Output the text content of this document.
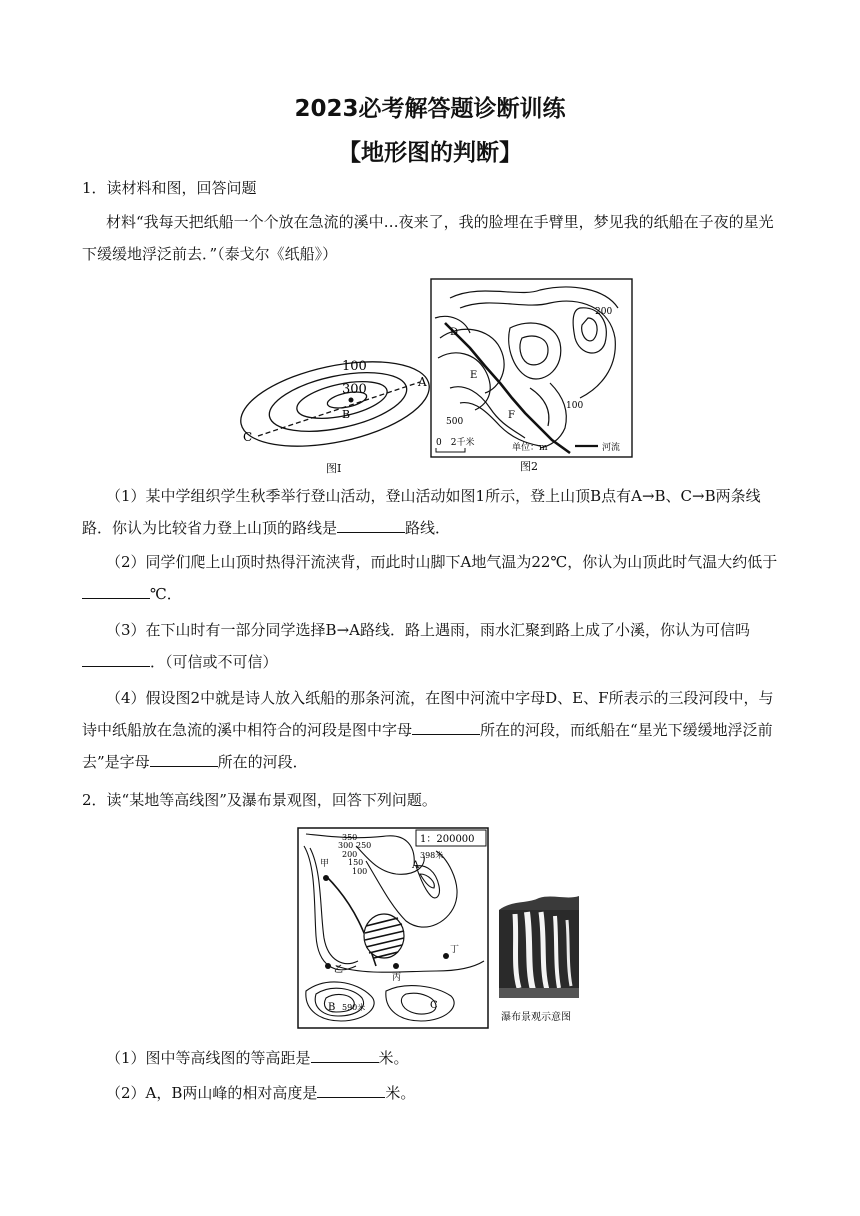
2023必考解答题诊断训练
【地形图的判断】

1．读材料和图，回答问题

材料“我每天把纸船一个个放在急流的溪中…夜来了，我的脸埋在手臂里，梦见我的纸船在子夜的星光下缓缓地浮泛前去．”（泰戈尔《纸船》）

100
300	A
B
C
图Ⅰ
D
E
F
200
100
500
0　2千米	单位：m	河流
图2

（1）某中学组织学生秋季举行登山活动，登山活动如图1所示，登上山顶B点有A→B、C→B两条线路．你认为比较省力登上山顶的路线是	路线．

（2）同学们爬上山顶时热得汗流浃背，而此时山脚下A地气温为22℃，你认为山顶此时气温大约低于℃．

（3）在下山时有一部分同学选择B→A路线．路上遇雨，雨水汇聚到路上成了小溪，你认为可信吗．（可信或不可信）

（4）假设图2中就是诗人放入纸船的那条河流，在图中河流中字母D、E、F所表示的三段河段中，与诗中纸船放在急流的溪中相符合的河段是图中字母	所在的河段，而纸船在“星光下缓缓地浮泛前去”是字母	所在的河段．

2．读“某地等高线图”及瀑布景观图，回答下列问题。

1：200000
350
300 250
200
150
100
A
398米
B 590米	C
甲
乙
丙
丁
瀑布景观示意图

（1）图中等高线图的等高距是	米。

（2）A，B两山峰的相对高度是	米。
